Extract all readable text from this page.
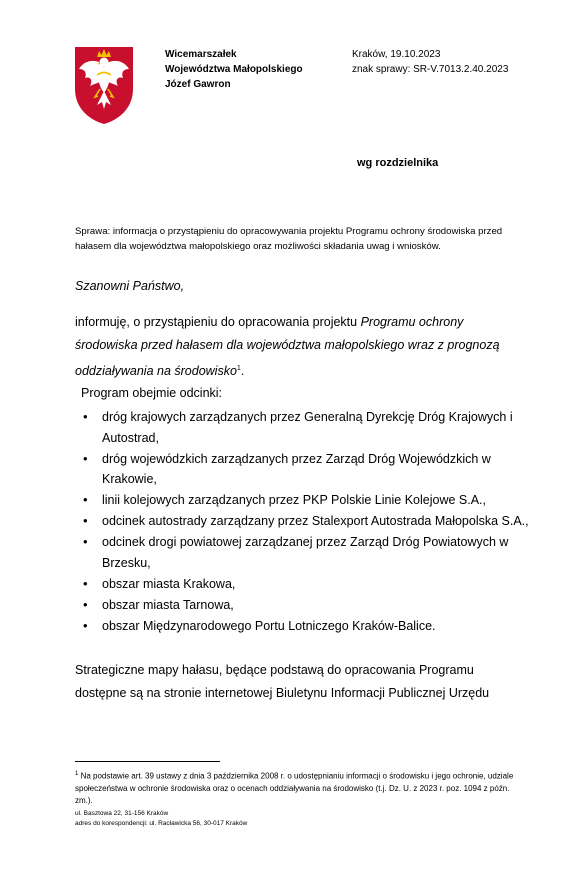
Wicemarszałek
Województwa Małopolskiego
Józef Gawron
Kraków, 19.10.2023
znak sprawy: SR-V.7013.2.40.2023
wg rozdzielnika
Sprawa: informacja o przystąpieniu do opracowywania projektu Programu ochrony środowiska przed hałasem dla województwa małopolskiego oraz możliwości składania uwag i wniosków.
Szanowni Państwo,
informuję, o przystąpieniu do opracowania projektu Programu ochrony środowiska przed hałasem dla województwa małopolskiego wraz z prognozą oddziaływania na środowisko$^1$.
Program obejmie odcinki:
• dróg krajowych zarządzanych przez Generalną Dyrekcję Dróg Krajowych i Autostrad,
• dróg wojewódzkich zarządzanych przez Zarząd Dróg Wojewódzkich w Krakowie,
• linii kolejowych zarządzanych przez PKP Polskie Linie Kolejowe S.A.,
• odcinek autostrady zarządzany przez Stalexport Autostrada Małopolska S.A.,
• odcinek drogi powiatowej zarządzanej przez Zarząd Dróg Powiatowych w Brzesku,
• obszar miasta Krakowa,
• obszar miasta Tarnowa,
• obszar Międzynarodowego Portu Lotniczego Kraków-Balice.
Strategiczne mapy hałasu, będące podstawą do opracowania Programu dostępne są na stronie internetowej Biuletynu Informacji Publicznej Urzędu
$^1$ Na podstawie art. 39 ustawy z dnia 3 października 2008 r. o udostępnianiu informacji o środowisku i jego ochronie, udziale społeczeństwa w ochronie środowiska oraz o ocenach oddziaływania na środowisko (t.j. Dz. U. z 2023 r. poz. 1094 z późn. zm.).
ul. Basztowa 22, 31-156 Kraków
adres do korespondencji: ul. Racławicka 56, 30-017 Kraków
